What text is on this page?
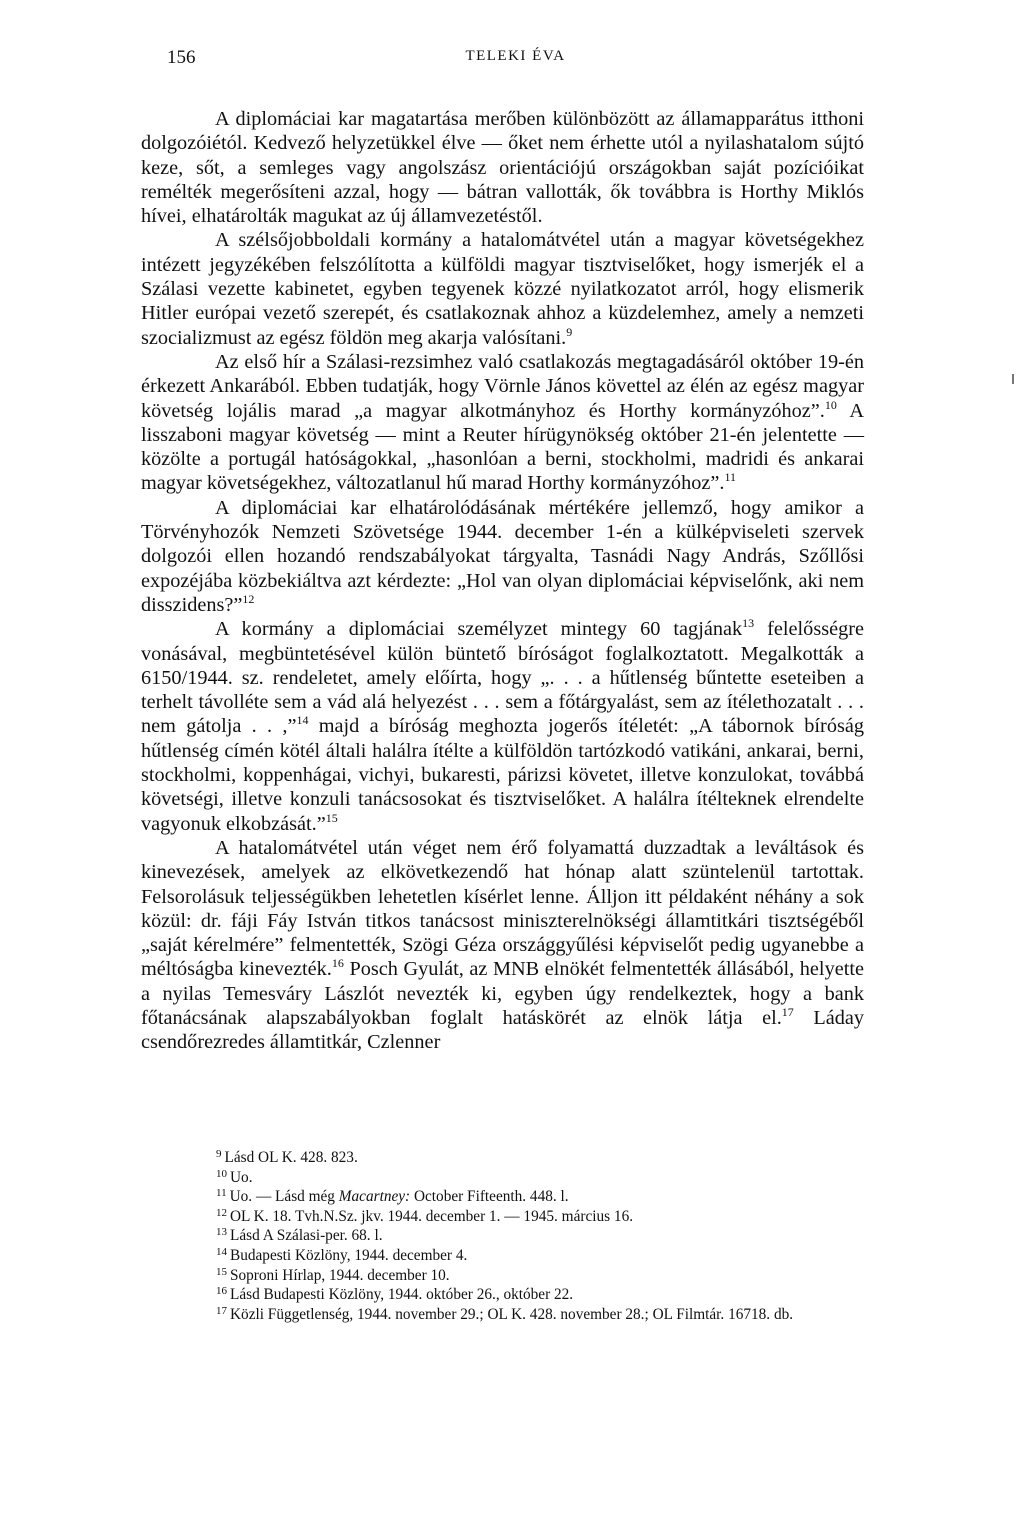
156	TELEKI ÉVA

A diplomáciai kar magatartása merőben különbözött az államapparátus itthoni dolgozóiétól. Kedvező helyzetükkel élve — őket nem érhette utól a nyilashatalom sújtó keze, sőt, a semleges vagy angolszász orientációjú országokban saját pozícióikat remélték megerősíteni azzal, hogy — bátran vallották, ők továbbra is Horthy Miklós hívei, elhatárolták magukat az új államvezetéstől.

A szélsőjobboldali kormány a hatalomátvétel után a magyar követségekhez intézett jegyzékében felszólította a külföldi magyar tisztviselőket, hogy ismerjék el a Szálasi vezette kabinetet, egyben tegyenek közzé nyilatkozatot arról, hogy elismerik Hitler európai vezető szerepét, és csatlakoznak ahhoz a küzdelemhez, amely a nemzeti szocializmust az egész földön meg akarja valósítani.$^9$

Az első hír a Szálasi-rezsimhez való csatlakozás megtagadásáról október 19-én érkezett Ankarából. Ebben tudatják, hogy Vörnle János követtel az élén az egész magyar követség lojális marad „a magyar alkotmányhoz és Horthy kormányzóhoz”.$^{10}$ A lisszaboni magyar követség — mint a Reuter hírügynökség október 21-én jelentette — közölte a portugál hatóságokkal, „hasonlóan a berni, stockholmi, madridi és ankarai magyar követségekhez, változatlanul hű marad Horthy kormányzóhoz”.$^{11}$

A diplomáciai kar elhatárolódásának mértékére jellemző, hogy amikor a Törvényhozók Nemzeti Szövetsége 1944. december 1-én a külképviseleti szervek dolgozói ellen hozandó rendszabályokat tárgyalta, Tasnádi Nagy András, Szőllősi expozéjába közbekiáltva azt kérdezte: „Hol van olyan diplomáciai képviselőnk, aki nem disszidens?”$^{12}$

A kormány a diplomáciai személyzet mintegy 60 tagjának$^{13}$ felelősségre vonásával, megbüntetésével külön büntető bíróságot foglalkoztatott. Megalkották a 6150/1944. sz. rendeletet, amely előírta, hogy „. . . a hűtlenség bűntette eseteiben a terhelt távolléte sem a vád alá helyezést . . . sem a főtárgyalást, sem az ítélethozatalt . . . nem gátolja . . ,”$^{14}$ majd a bíróság meghozta jogerős ítéletét: „A tábornok bíróság hűtlenség címén kötél általi halálra ítélte a külföldön tartózkodó vatikáni, ankarai, berni, stockholmi, koppenhágai, vichyi, bukaresti, párizsi követet, illetve konzulokat, továbbá követségi, illetve konzuli tanácsosokat és tisztviselőket. A halálra ítélteknek elrendelte vagyonuk elkobzását.”$^{15}$

A hatalomátvétel után véget nem érő folyamattá duzzadtak a leváltások és kinevezések, amelyek az elkövetkezendő hat hónap alatt szüntelenül tartottak. Felsorolásuk teljességükben lehetetlen kísérlet lenne. Álljon itt példaként néhány a sok közül: dr. fáji Fáy István titkos tanácsost miniszterelnökségi államtitkári tisztségéből „saját kérelmére” felmentették, Szögi Géza országgyűlési képviselőt pedig ugyanebbe a méltóságba kinevezték.$^{16}$ Posch Gyulát, az MNB elnökét felmentették állásából, helyette a nyilas Temesváry Lászlót nevezték ki, egyben úgy rendelkeztek, hogy a bank főtanácsának alapszabályokban foglalt hatáskörét az elnök látja el.$^{17}$ Láday csendőrezredes államtitkár, Czlenner

$^9$ Lásd OL K. 428. 823.

$^{10}$ Uo.

$^{11}$ Uo. — Lásd még Macartney: October Fifteenth. 448. l.

$^{12}$ OL K. 18. Tvh.N.Sz. jkv. 1944. december 1. — 1945. március 16.

$^{13}$ Lásd A Szálasi-per. 68. l.

$^{14}$ Budapesti Közlöny, 1944. december 4.

$^{15}$ Soproni Hírlap, 1944. december 10.

$^{16}$ Lásd Budapesti Közlöny, 1944. október 26., október 22.

$^{17}$ Közli Függetlenség, 1944. november 29.; OL K. 428. november 28.; OL Filmtár. 16718. db.
